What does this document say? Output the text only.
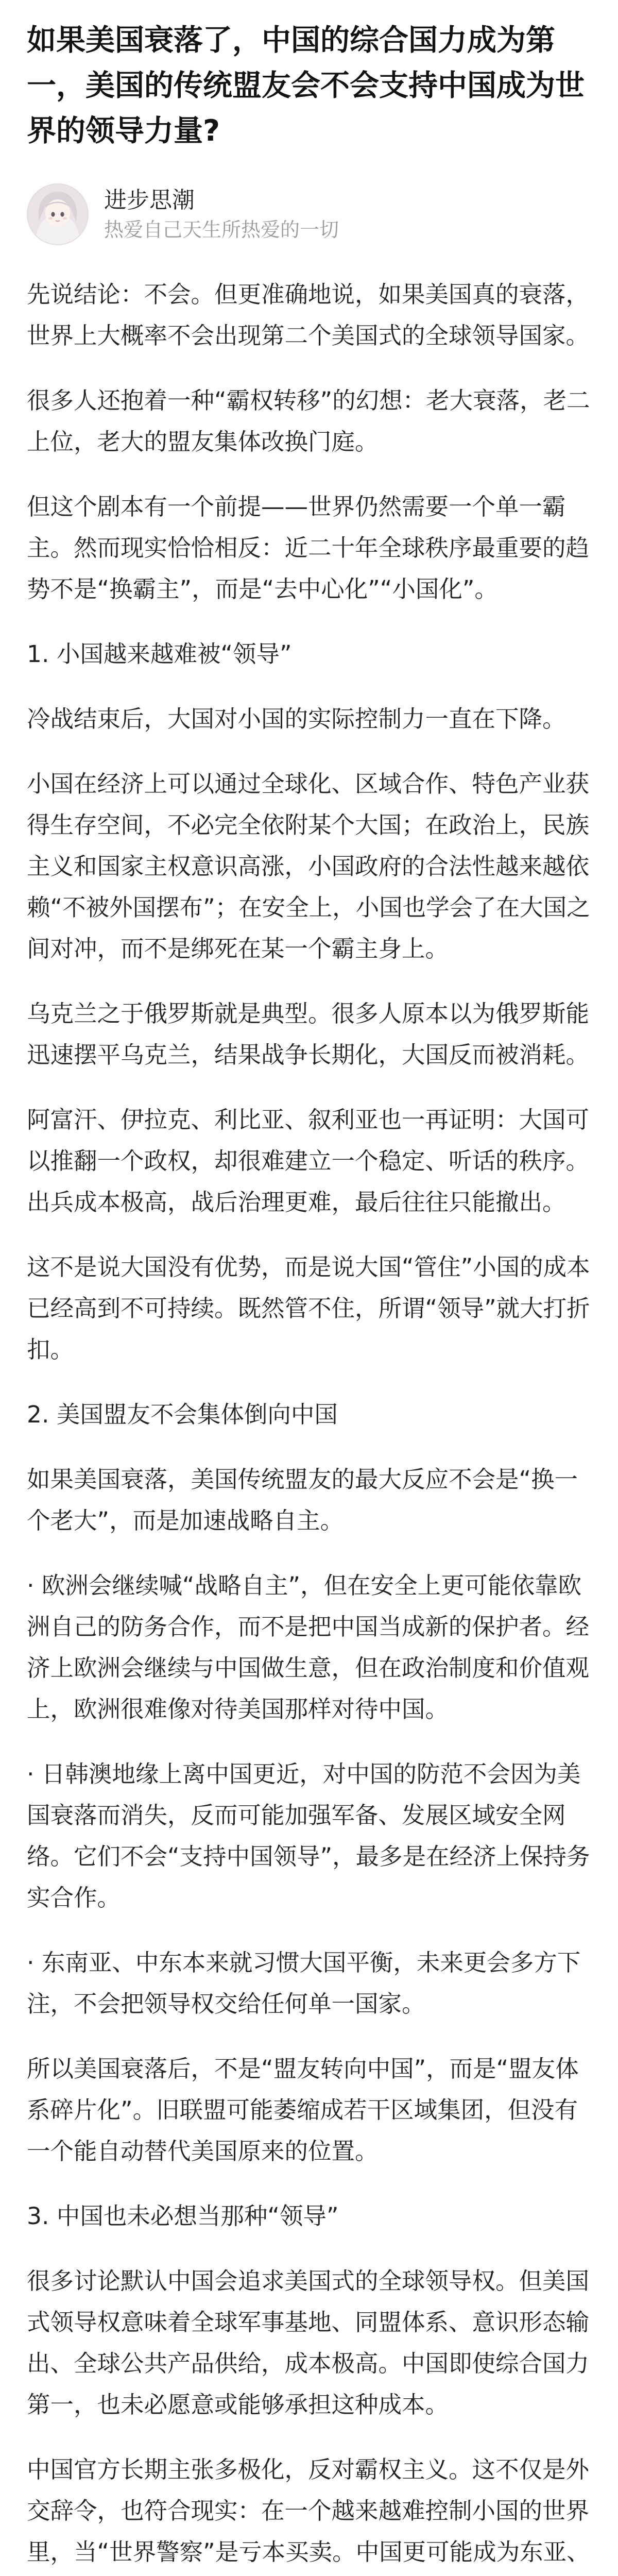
如果美国衰落了，中国的综合国力成为第一，美国的传统盟友会不会支持中国成为世界的领导力量?
进步思潮
热爱自己天生所热爱的一切

先说结论：不会。但更准确地说，如果美国真的衰落，世界上大概率不会出现第二个美国式的全球领导国家。

很多人还抱着一种“霸权转移”的幻想：老大衰落，老二上位，老大的盟友集体改换门庭。

但这个剧本有一个前提——世界仍然需要一个单一霸主。然而现实恰恰相反：近二十年全球秩序最重要的趋势不是“换霸主”，而是“去中心化”“小国化”。

1. 小国越来越难被“领导”

冷战结束后，大国对小国的实际控制力一直在下降。

小国在经济上可以通过全球化、区域合作、特色产业获得生存空间，不必完全依附某个大国；在政治上，民族主义和国家主权意识高涨，小国政府的合法性越来越依赖“不被外国摆布”；在安全上，小国也学会了在大国之间对冲，而不是绑死在某一个霸主身上。

乌克兰之于俄罗斯就是典型。很多人原本以为俄罗斯能迅速摆平乌克兰，结果战争长期化，大国反而被消耗。

阿富汗、伊拉克、利比亚、叙利亚也一再证明：大国可以推翻一个政权，却很难建立一个稳定、听话的秩序。出兵成本极高，战后治理更难，最后往往只能撤出。

这不是说大国没有优势，而是说大国“管住”小国的成本已经高到不可持续。既然管不住，所谓“领导”就大打折扣。

2. 美国盟友不会集体倒向中国

如果美国衰落，美国传统盟友的最大反应不会是“换一个老大”，而是加速战略自主。

· 欧洲会继续喊“战略自主”，但在安全上更可能依靠欧洲自己的防务合作，而不是把中国当成新的保护者。经济上欧洲会继续与中国做生意，但在政治制度和价值观上，欧洲很难像对待美国那样对待中国。

· 日韩澳地缘上离中国更近，对中国的防范不会因为美国衰落而消失，反而可能加强军备、发展区域安全网络。它们不会“支持中国领导”，最多是在经济上保持务实合作。

· 东南亚、中东本来就习惯大国平衡，未来更会多方下注，不会把领导权交给任何单一国家。

所以美国衰落后，不是“盟友转向中国”，而是“盟友体系碎片化”。旧联盟可能萎缩成若干区域集团，但没有一个能自动替代美国原来的位置。

3. 中国也未必想当那种“领导”

很多讨论默认中国会追求美国式的全球领导权。但美国式领导权意味着全球军事基地、同盟体系、意识形态输出、全球公共产品供给，成本极高。中国即使综合国力第一，也未必愿意或能够承担这种成本。

中国官方长期主张多极化，反对霸权主义。这不仅是外交辞令，也符合现实：在一个越来越难控制小国的世界里，当“世界警察”是亏本买卖。中国更可能成为东亚、
